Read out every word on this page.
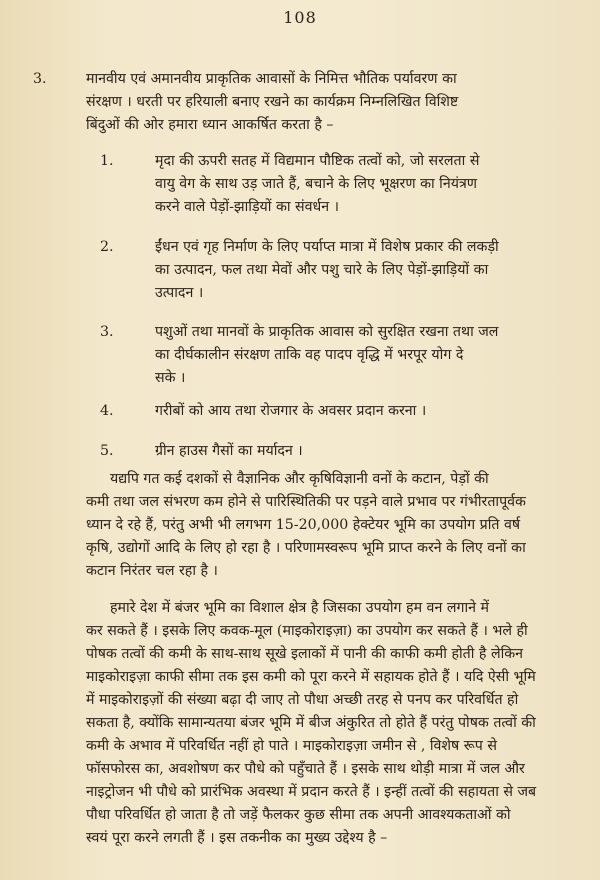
108
3.	मानवीय एवं अमानवीय प्राकृतिक आवासों के निमित्त भौतिक पर्यावरण का
संरक्षण । धरती पर हरियाली बनाए रखने का कार्यक्रम निम्नलिखित विशिष्ट
बिंदुओं की ओर हमारा ध्यान आकर्षित करता है –
1.	मृदा की ऊपरी सतह में विद्यमान पौष्टिक तत्वों को, जो सरलता से
वायु वेग के साथ उड़ जाते हैं, बचाने के लिए भूक्षरण का नियंत्रण
करने वाले पेड़ों-झाड़ियों का संवर्धन ।
2.	ईंधन एवं गृह निर्माण के लिए पर्याप्त मात्रा में विशेष प्रकार की लकड़ी
का उत्पादन, फल तथा मेवों और पशु चारे के लिए पेड़ों-झाड़ियों का
उत्पादन ।
3.	पशुओं तथा मानवों के प्राकृतिक आवास को सुरक्षित रखना तथा जल
का दीर्घकालीन संरक्षण ताकि वह पादप वृद्धि में भरपूर योग दे
सके ।
4.	गरीबों को आय तथा रोजगार के अवसर प्रदान करना ।
5.	ग्रीन हाउस गैसों का मर्यादन ।
यद्यपि गत कई दशकों से वैज्ञानिक और कृषिविज्ञानी वनों के कटान, पेड़ों की
कमी तथा जल संभरण कम होने से पारिस्थितिकी पर पड़ने वाले प्रभाव पर गंभीरतापूर्वक
ध्यान दे रहे हैं, परंतु अभी भी लगभग 15-20,000 हेक्टेयर भूमि का उपयोग प्रति वर्ष
कृषि, उद्योगों आदि के लिए हो रहा है । परिणामस्वरूप भूमि प्राप्त करने के लिए वनों का
कटान निरंतर चल रहा है ।
हमारे देश में बंजर भूमि का विशाल क्षेत्र है जिसका उपयोग हम वन लगाने में
कर सकते हैं । इसके लिए कवक-मूल (माइकोराइज़ा) का उपयोग कर सकते हैं । भले ही
पोषक तत्वों की कमी के साथ-साथ सूखे इलाकों में पानी की काफी कमी होती है लेकिन
माइकोराइज़ा काफी सीमा तक इस कमी को पूरा करने में सहायक होते हैं । यदि ऐसी भूमि
में माइकोराइज़ों की संख्या बढ़ा दी जाए तो पौधा अच्छी तरह से पनप कर परिवर्धित हो
सकता है, क्योंकि सामान्यतया बंजर भूमि में बीज अंकुरित तो होते हैं परंतु पोषक तत्वों की
कमी के अभाव में परिवर्धित नहीं हो पाते । माइकोराइज़ा जमीन से , विशेष रूप से
फॉसफोरस का, अवशोषण कर पौधे को पहुँचाते हैं । इसके साथ थोड़ी मात्रा में जल और
नाइट्रोजन भी पौधे को प्रारंभिक अवस्था में प्रदान करते हैं । इन्हीं तत्वों की सहायता से जब
पौधा परिवर्धित हो जाता है तो जड़ें फैलकर कुछ सीमा तक अपनी आवश्यकताओं को
स्वयं पूरा करने लगती हैं । इस तकनीक का मुख्य उद्देश्य है –
